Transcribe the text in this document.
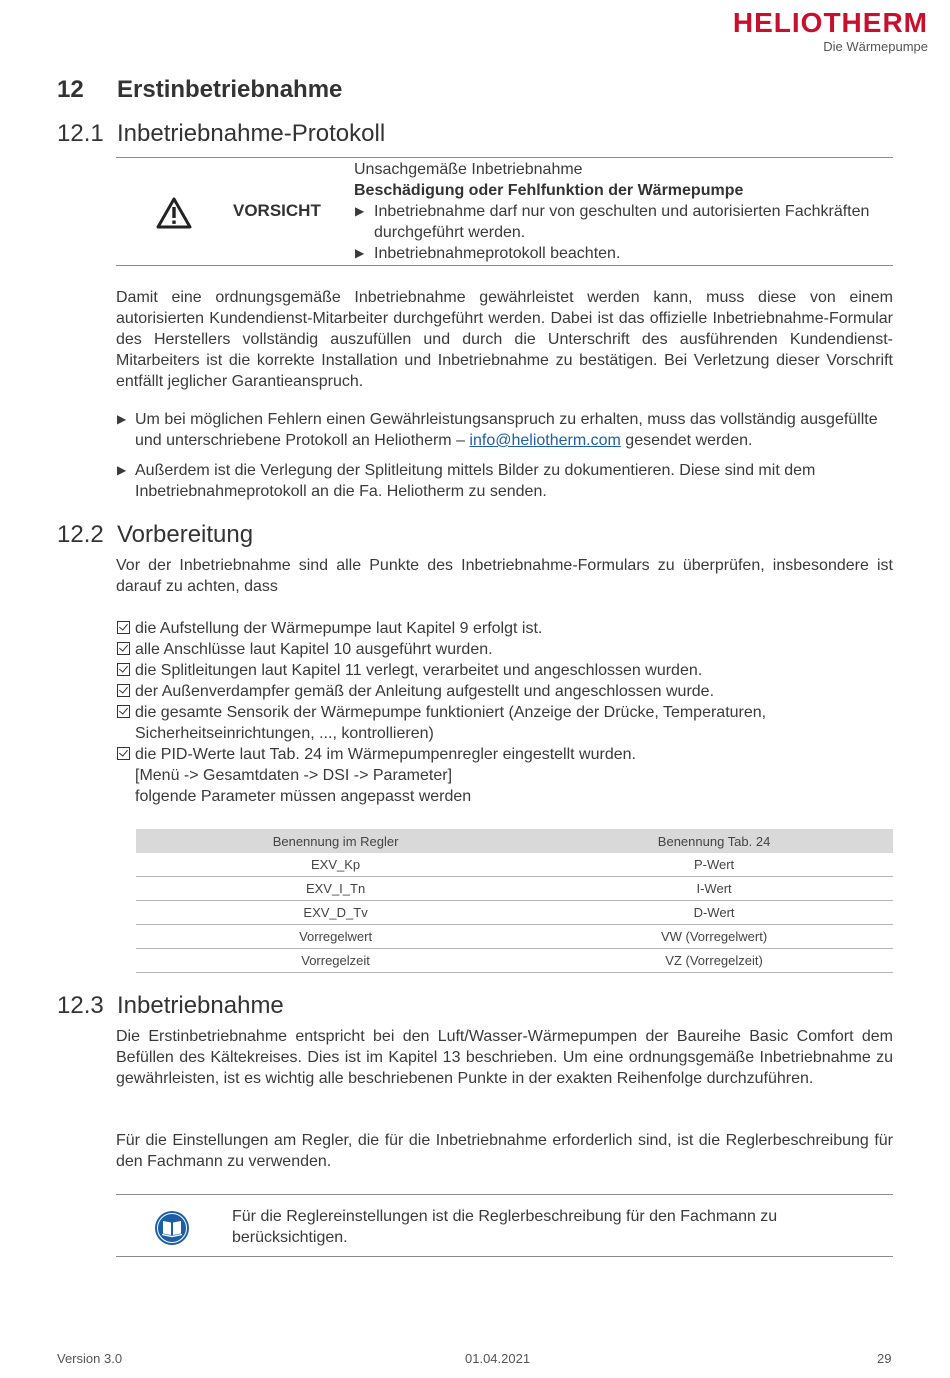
HELIOTHERM
Die Wärmepumpe
12 Erstinbetriebnahme
12.1 Inbetriebnahme-Protokoll
VORSICHT
Unsachgemäße Inbetriebnahme
Beschädigung oder Fehlfunktion der Wärmepumpe
▶ Inbetriebnahme darf nur von geschulten und autorisierten Fachkräften durchgeführt werden.
▶ Inbetriebnahmeprotokoll beachten.
Damit eine ordnungsgemäße Inbetriebnahme gewährleistet werden kann, muss diese von einem autorisierten Kundendienst-Mitarbeiter durchgeführt werden. Dabei ist das offizielle Inbetriebnahme-Formular des Herstellers vollständig auszufüllen und durch die Unterschrift des ausführenden Kundendienst-Mitarbeiters ist die korrekte Installation und Inbetriebnahme zu bestätigen. Bei Verletzung dieser Vorschrift entfällt jeglicher Garantieanspruch.
▶ Um bei möglichen Fehlern einen Gewährleistungsanspruch zu erhalten, muss das vollständig ausgefüllte und unterschriebene Protokoll an Heliotherm – info@heliotherm.com gesendet werden.
▶ Außerdem ist die Verlegung der Splitleitung mittels Bilder zu dokumentieren. Diese sind mit dem Inbetriebnahmeprotokoll an die Fa. Heliotherm zu senden.
12.2 Vorbereitung
Vor der Inbetriebnahme sind alle Punkte des Inbetriebnahme-Formulars zu überprüfen, insbesondere ist darauf zu achten, dass
die Aufstellung der Wärmepumpe laut Kapitel 9 erfolgt ist.
alle Anschlüsse laut Kapitel 10 ausgeführt wurden.
die Splitleitungen laut Kapitel 11 verlegt, verarbeitet und angeschlossen wurden.
der Außenverdampfer gemäß der Anleitung aufgestellt und angeschlossen wurde.
die gesamte Sensorik der Wärmepumpe funktioniert (Anzeige der Drücke, Temperaturen, Sicherheitseinrichtungen, ..., kontrollieren)
die PID-Werte laut Tab. 24 im Wärmepumpenregler eingestellt wurden.
[Menü -> Gesamtdaten -> DSI -> Parameter]
folgende Parameter müssen angepasst werden
Benennung im Regler	Benennung Tab. 24
EXV_Kp	P-Wert
EXV_I_Tn	I-Wert
EXV_D_Tv	D-Wert
Vorregelwert	VW (Vorregelwert)
Vorregelzeit	VZ (Vorregelzeit)
12.3 Inbetriebnahme
Die Erstinbetriebnahme entspricht bei den Luft/Wasser-Wärmepumpen der Baureihe Basic Comfort dem Befüllen des Kältekreises. Dies ist im Kapitel 13 beschrieben. Um eine ordnungsgemäße Inbetriebnahme zu gewährleisten, ist es wichtig alle beschriebenen Punkte in der exakten Reihenfolge durchzuführen.
Für die Einstellungen am Regler, die für die Inbetriebnahme erforderlich sind, ist die Reglerbeschreibung für den Fachmann zu verwenden.
Für die Reglereinstellungen ist die Reglerbeschreibung für den Fachmann zu berücksichtigen.
Version 3.0	01.04.2021	29
